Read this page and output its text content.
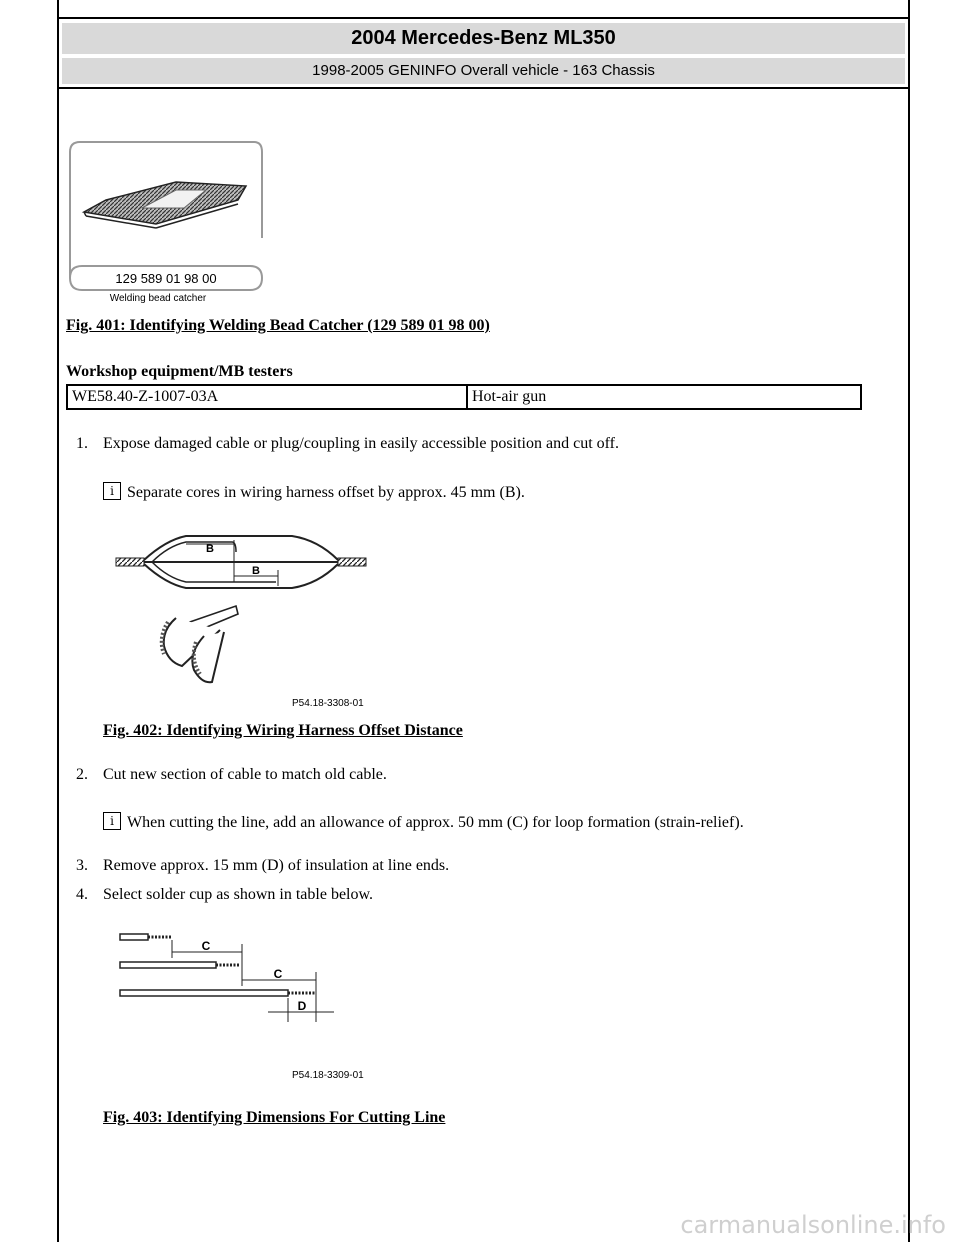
2004 Mercedes-Benz ML350
1998-2005 GENINFO Overall vehicle - 163 Chassis
129 589 01 98 00
Welding bead catcher
Fig. 401: Identifying Welding Bead Catcher (129 589 01 98 00)
Workshop equipment/MB testers
WE58.40-Z-1007-03A	Hot-air gun
1. Expose damaged cable or plug/coupling in easily accessible position and cut off.
i Separate cores in wiring harness offset by approx. 45 mm (B).
B
B
P54.18-3308-01
Fig. 402: Identifying Wiring Harness Offset Distance
2. Cut new section of cable to match old cable.
i When cutting the line, add an allowance of approx. 50 mm (C) for loop formation (strain-relief).
3. Remove approx. 15 mm (D) of insulation at line ends.
4. Select solder cup as shown in table below.
C
C
D
P54.18-3309-01
Fig. 403: Identifying Dimensions For Cutting Line
carmanualsonline.info
